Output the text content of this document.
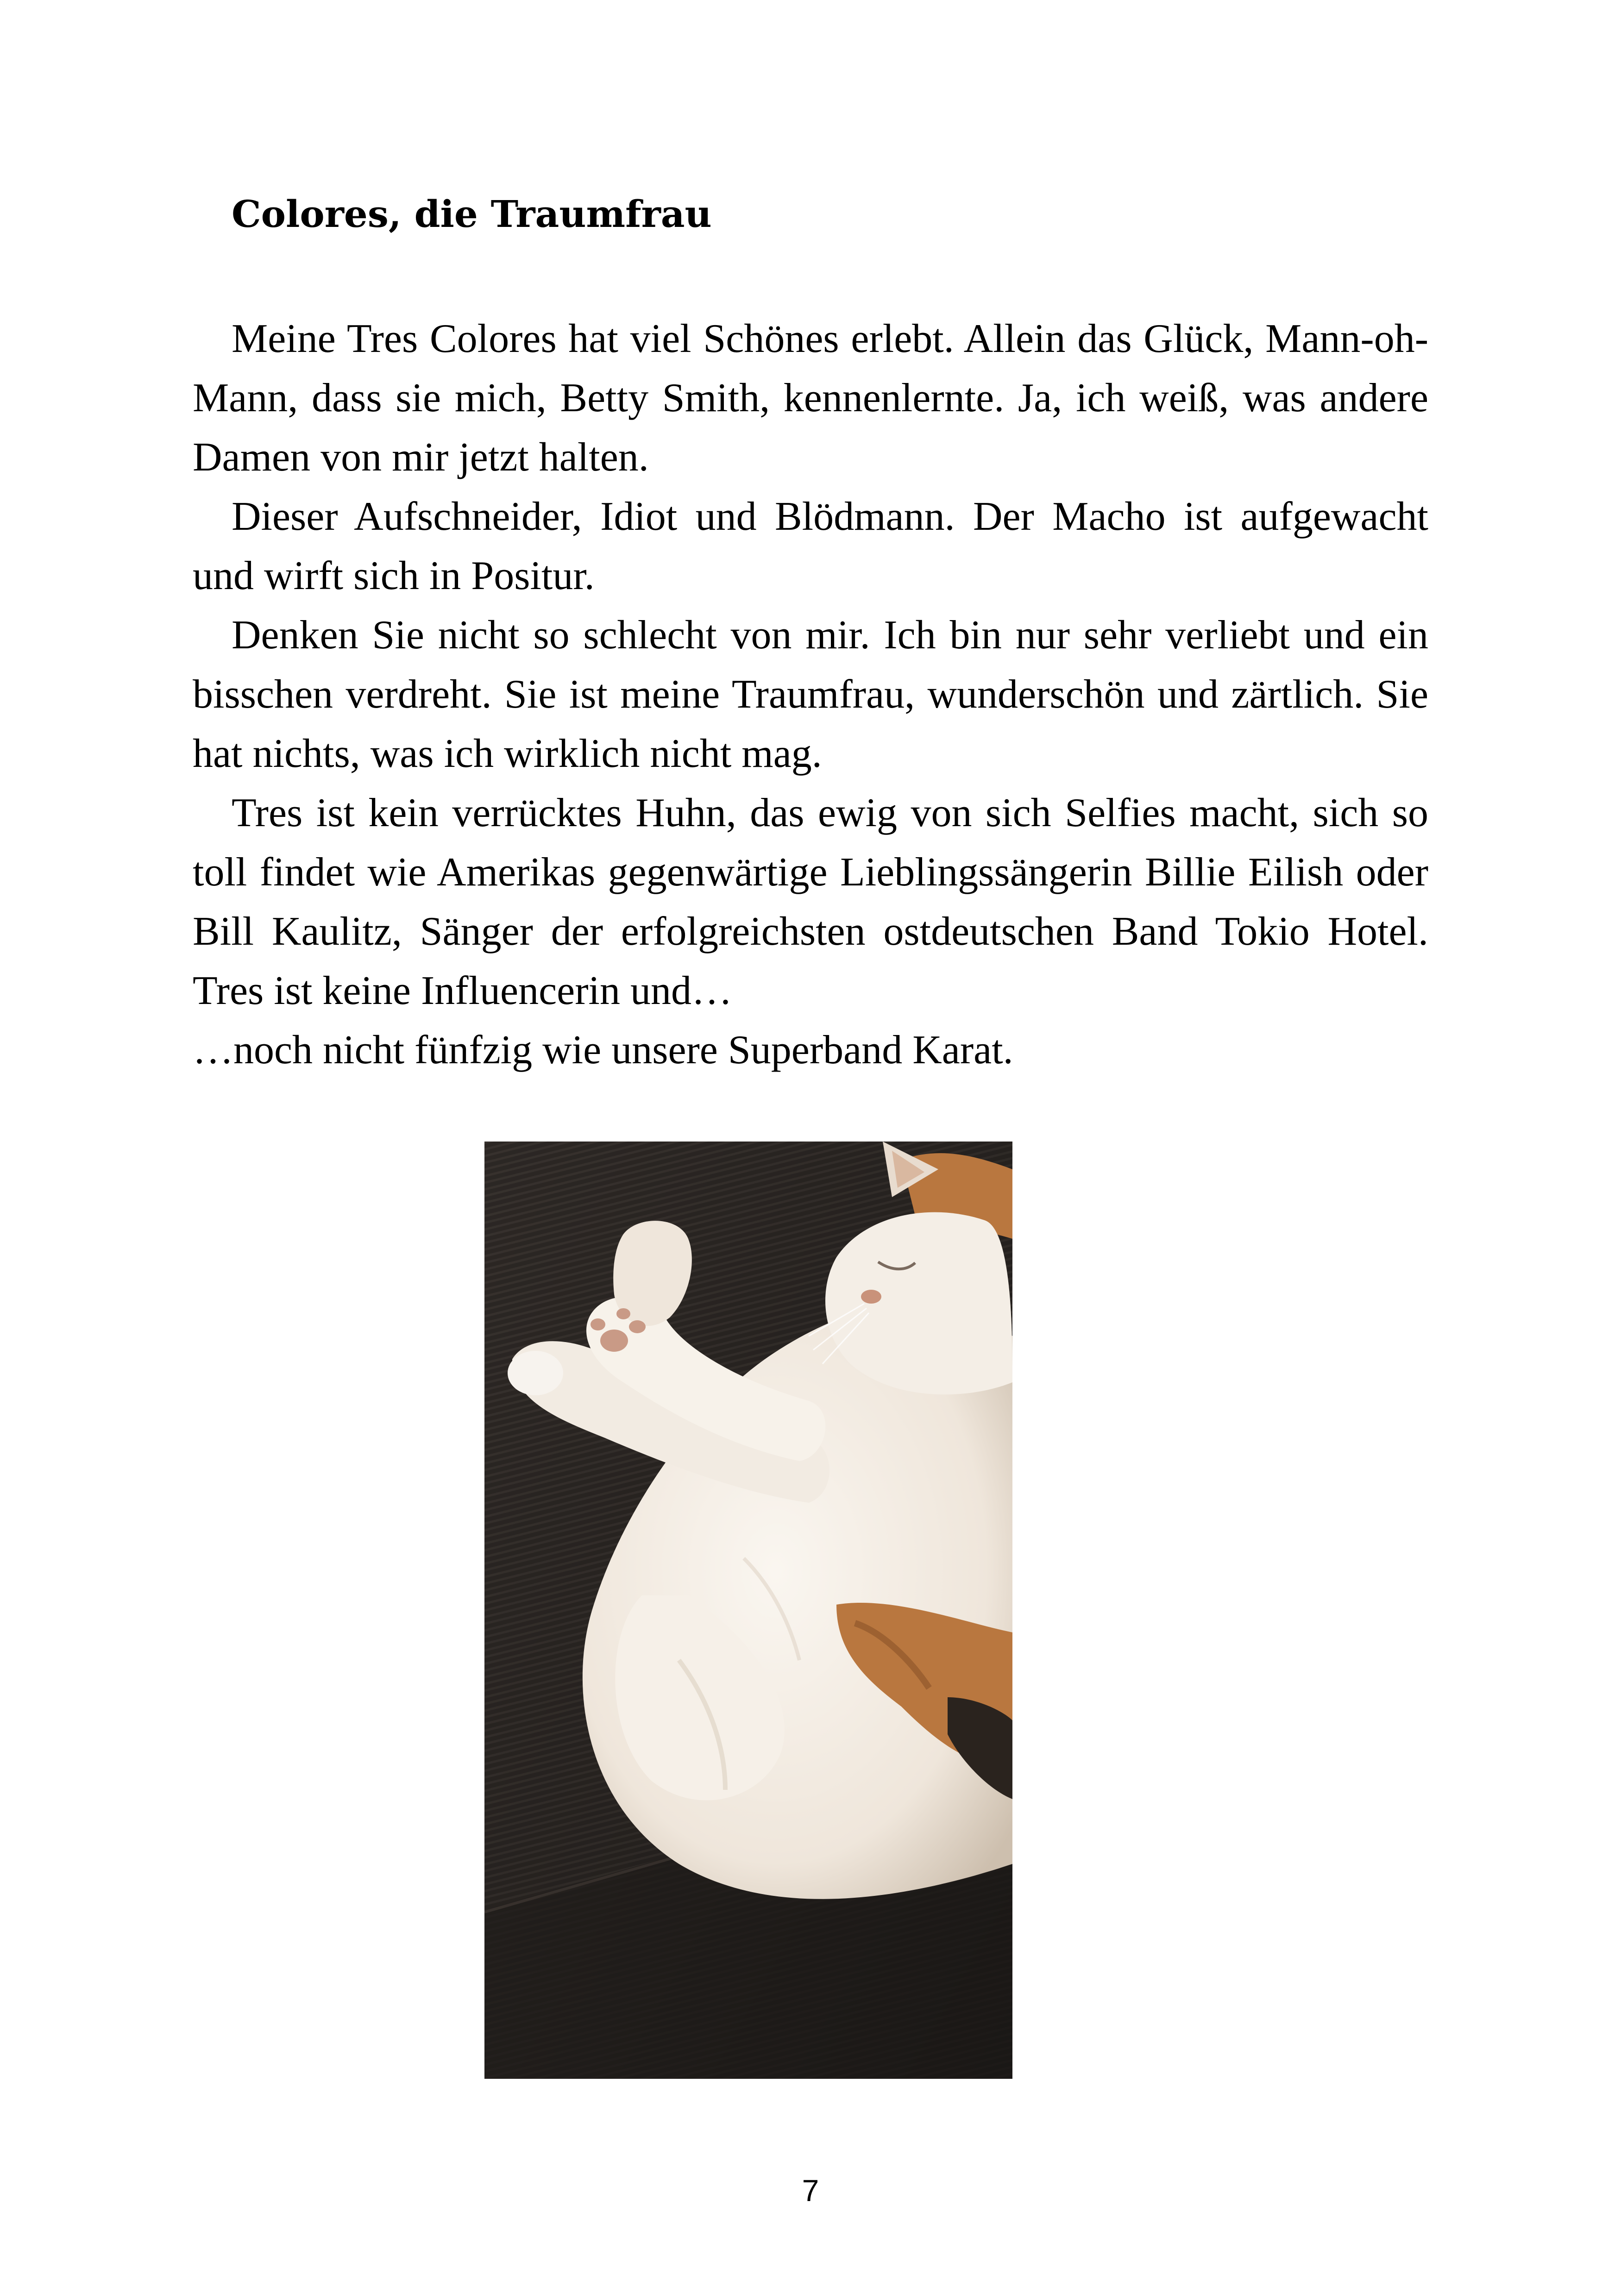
Colores, die Traumfrau

Meine Tres Colores hat viel Schönes erlebt. Allein das Glück, Mann-oh-Mann, dass sie mich, Betty Smith, kennenlernte. Ja, ich weiß, was andere Damen von mir jetzt halten.

Dieser Aufschneider, Idiot und Blödmann. Der Macho ist aufgewacht und wirft sich in Positur.

Denken Sie nicht so schlecht von mir. Ich bin nur sehr verliebt und ein bisschen verdreht. Sie ist meine Traumfrau, wunderschön und zärtlich. Sie hat nichts, was ich wirklich nicht mag.

Tres ist kein verrücktes Huhn, das ewig von sich Selfies macht, sich so toll findet wie Amerikas gegenwärtige Lieblingssängerin Billie Eilish oder Bill Kaulitz, Sänger der erfolgreichsten ostdeutschen Band Tokio Hotel. Tres ist keine Influencerin und…

…noch nicht fünfzig wie unsere Superband Karat.

7
